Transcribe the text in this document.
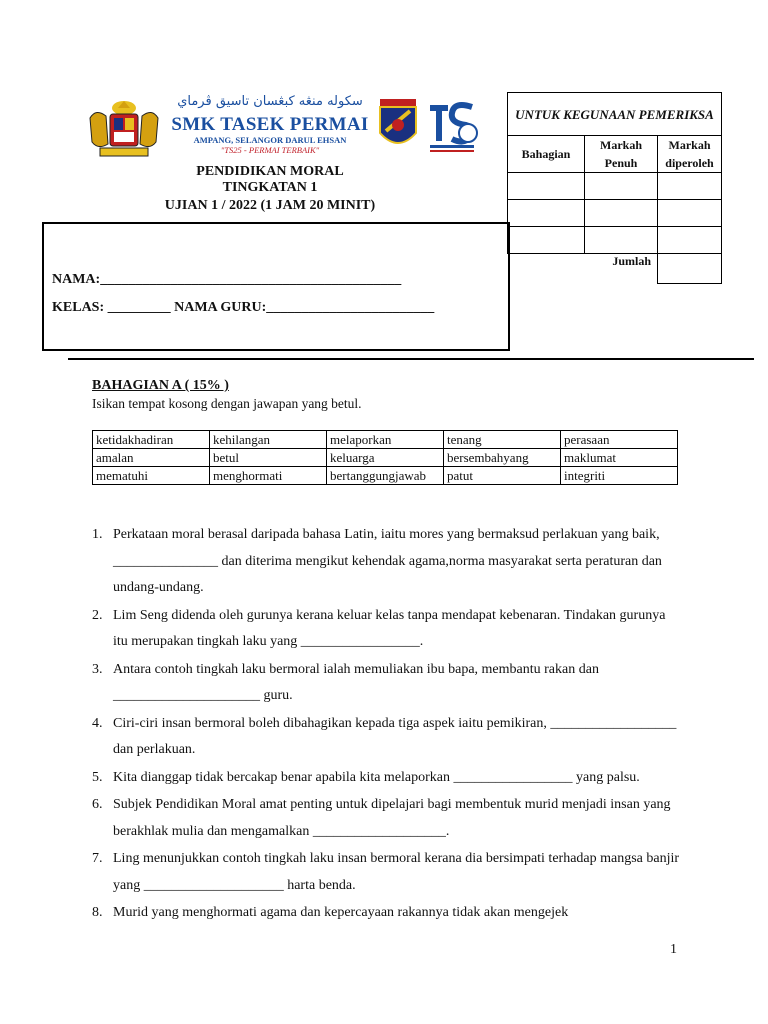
سکوله منڠه کبڠسان تاسيق ڤرماي
SMK TASEK PERMAI
AMPANG, SELANGOR DARUL EHSAN
"TS25 - PERMAI TERBAIK"
PENDIDIKAN MORAL
TINGKATAN 1
UJIAN 1 / 2022 (1 JAM 20 MINIT)
UNTUK KEGUNAAN PEMERIKSA		
Bahagian	Markah Penuh	Markah diperoleh

Jumlah		
NAMA:___________________________________________
KELAS: _________ NAMA GURU:________________________
BAHAGIAN A ( 15% )
Isikan tempat kosong dengan jawapan yang betul.
ketidakhadiran	kehilangan	melaporkan	tenang	perasaan
amalan	betul	keluarga	bersembahyang	maklumat
mematuhi	menghormati	bertanggungjawab	patut	integriti
1. Perkataan moral berasal daripada bahasa Latin, iaitu mores yang bermaksud perlakuan yang baik, _______________ dan diterima mengikut kehendak agama,norma masyarakat serta peraturan dan undang-undang.
2. Lim Seng didenda oleh gurunya kerana keluar kelas tanpa mendapat kebenaran. Tindakan gurunya itu merupakan tingkah laku yang _________________.
3. Antara contoh tingkah laku bermoral ialah memuliakan ibu bapa, membantu rakan dan _____________________ guru.
4. Ciri-ciri insan bermoral boleh dibahagikan kepada tiga aspek iaitu pemikiran, __________________ dan perlakuan.
5. Kita dianggap tidak bercakap benar apabila kita melaporkan _________________ yang palsu.
6. Subjek Pendidikan Moral amat penting untuk dipelajari bagi membentuk murid menjadi insan yang berakhlak mulia dan mengamalkan ___________________.
7. Ling menunjukkan contoh tingkah laku insan bermoral kerana dia bersimpati terhadap mangsa banjir yang ____________________ harta benda.
8. Murid yang menghormati agama dan kepercayaan rakannya tidak akan mengejek
1
